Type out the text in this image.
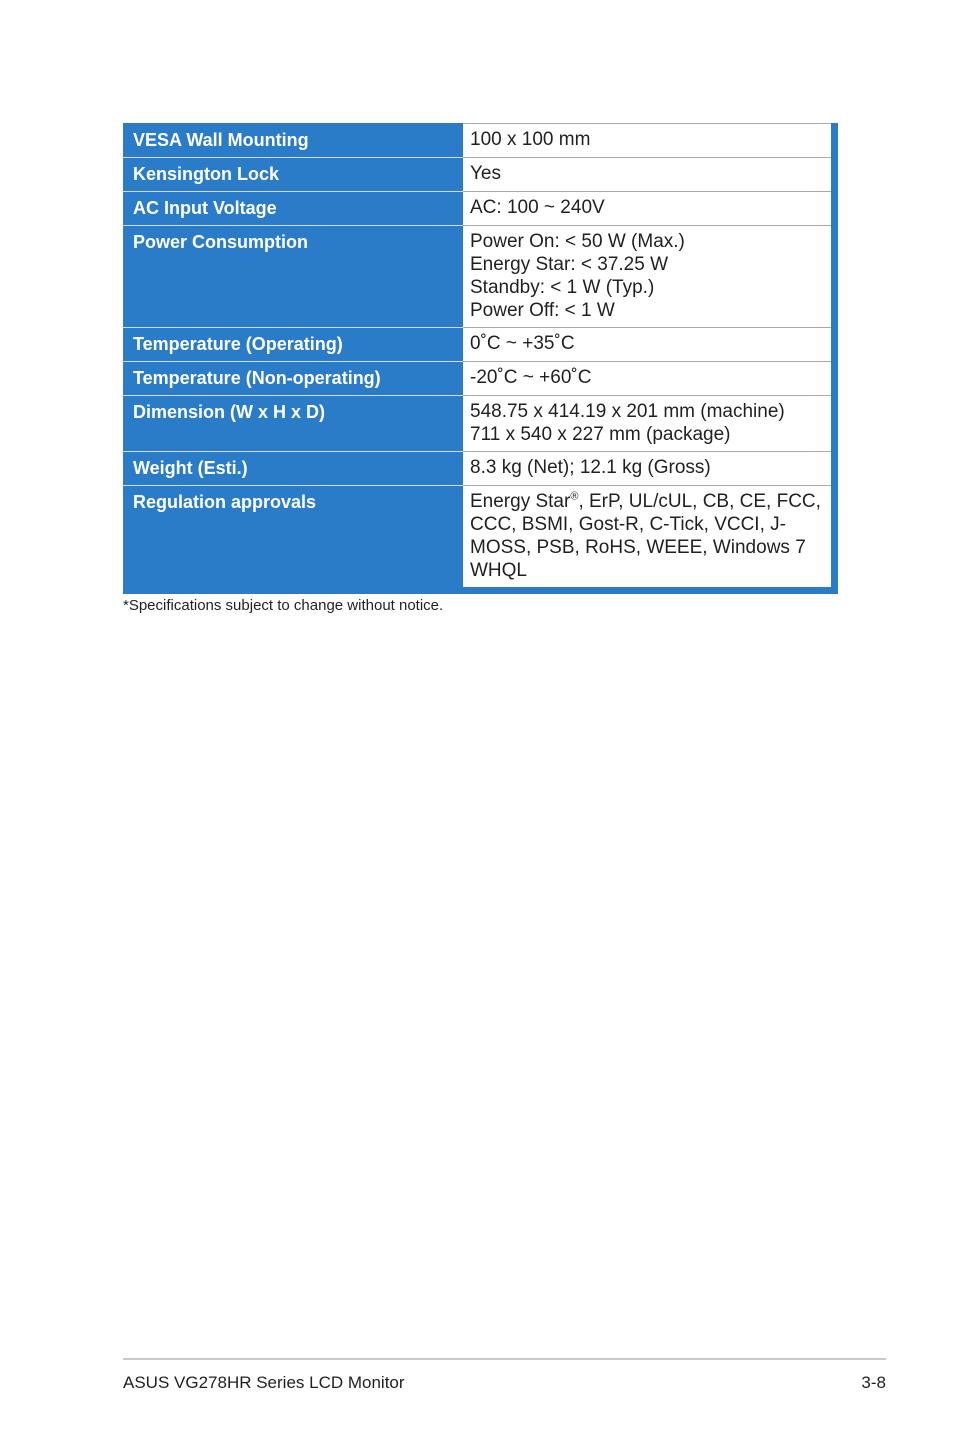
VESA Wall Mounting	100 x 100 mm

Kensington Lock	Yes

AC Input Voltage	AC: 100 ~ 240V

Power Consumption	Power On: < 50 W (Max.)
Energy Star: < 37.25 W
Standby: < 1 W (Typ.)
Power Off: < 1 W

Temperature (Operating)	0˚C ~ +35˚C

Temperature (Non-operating)	-20˚C ~ +60˚C

Dimension (W x H x D)	548.75 x 414.19 x 201 mm (machine)
711 x 540 x 227 mm (package)

Weight (Esti.)	8.3 kg (Net); 12.1 kg (Gross)

Regulation approvals	Energy Star®, ErP, UL/cUL, CB, CE, FCC, CCC, BSMI, Gost-R, C-Tick, VCCI, J-MOSS, PSB, RoHS, WEEE, Windows 7 WHQL
*Specifications subject to change without notice.
ASUS VG278HR Series LCD Monitor	3-8
